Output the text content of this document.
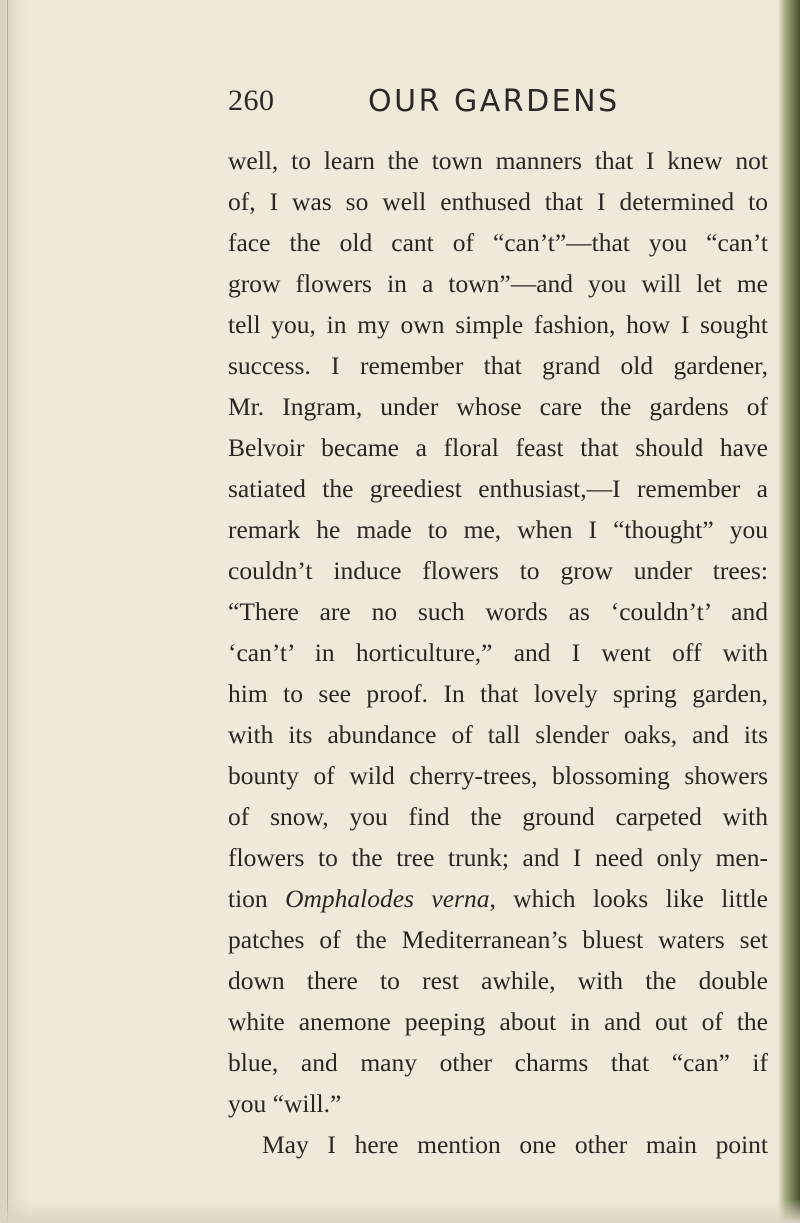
260	OUR GARDENS
well, to learn the town manners that I knew not
of, I was so well enthused that I determined to
face the old cant of “can’t”—that you “can’t
grow flowers in a town”—and you will let me
tell you, in my own simple fashion, how I sought
success. I remember that grand old gardener,
Mr. Ingram, under whose care the gardens of
Belvoir became a floral feast that should have
satiated the greediest enthusiast,—I remember a
remark he made to me, when I “thought” you
couldn’t induce flowers to grow under trees:
“There are no such words as ‘couldn’t’ and
‘can’t’ in horticulture,” and I went off with
him to see proof. In that lovely spring garden,
with its abundance of tall slender oaks, and its
bounty of wild cherry-trees, blossoming showers
of snow, you find the ground carpeted with
flowers to the tree trunk; and I need only men-
tion Omphalodes verna, which looks like little
patches of the Mediterranean’s bluest waters set
down there to rest awhile, with the double
white anemone peeping about in and out of the
blue, and many other charms that “can” if
you “will.”
May I here mention one other main point
